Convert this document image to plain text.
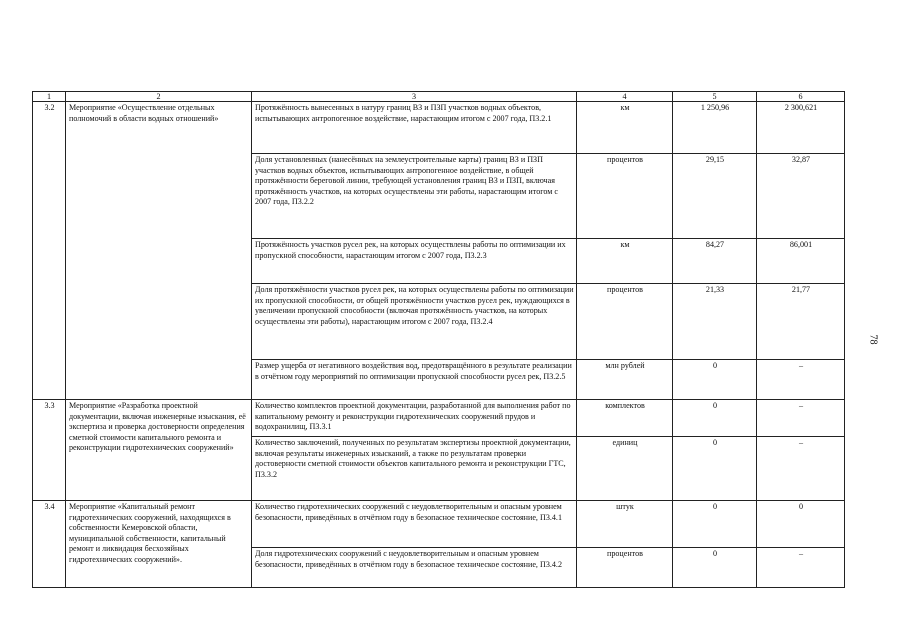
1	2	3	4	5	6
3.2	Мероприятие «Осуществление отдельных полномочий в области водных отношений»	Протяжённость вынесенных в натуру границ ВЗ и ПЗП участков водных объектов, испытывающих антропогенное воздействие, нарастающим итогом с 2007 года, П3.2.1	км	1 250,96	2 300,621
		Доля установленных (нанесённых на землеустроительные карты) границ ВЗ и ПЗП участков водных объектов, испытывающих антропогенное воздействие, в общей протяжённости береговой линии, требующей установления границ ВЗ и ПЗП, включая протяжённость участков, на которых осуществлены эти работы, нарастающим итогом с 2007 года, П3.2.2	процентов	29,15	32,87
		Протяжённость участков русел рек, на которых осуществлены работы по оптимизации их пропускной способности, нарастающим итогом с 2007 года, П3.2.3	км	84,27	86,001
		Доля протяжённости участков русел рек, на которых осуществлены работы по оптимизации их пропускной способности, от общей протяжённости участков русел рек, нуждающихся в увеличении пропускной способности (включая протяжённость участков, на которых осуществлены эти работы), нарастающим итогом с 2007 года, П3.2.4	процентов	21,33	21,77
		Размер ущерба от негативного воздействия вод, предотвращённого в результате реализации в отчётном году мероприятий по оптимизации пропускной способности русел рек, П3.2.5	млн рублей	0	–
3.3	Мероприятие «Разработка проектной документации, включая инженерные изыскания, её экспертиза и проверка достоверности определения сметной стоимости капитального ремонта и реконструкции гидротехнических сооружений»	Количество комплектов проектной документации, разработанной для выполнения работ по капитальному ремонту и реконструкции гидротехнических сооружений прудов и водохранилищ, П3.3.1	комплектов	0	–
		Количество заключений, полученных по результатам экспертизы проектной документации, включая результаты инженерных изысканий, а также по результатам проверки достоверности сметной стоимости объектов капитального ремонта и реконструкции ГТС, П3.3.2	единиц	0	–
3.4	Мероприятие «Капитальный ремонт гидротехнических сооружений, находящихся в собственности Кемеровской области, муниципальной собственности, капитальный ремонт и ликвидация бесхозяйных гидротехнических сооружений».	Количество гидротехнических сооружений с неудовлетворительным и опасным уровнем безопасности, приведённых в отчётном году в безопасное техническое состояние, П3.4.1	штук	0	0
		Доля гидротехнических сооружений с неудовлетворительным и опасным уровнем безопасности, приведённых в отчётном году в безопасное техническое состояние, П3.4.2	процентов	0	–
78
